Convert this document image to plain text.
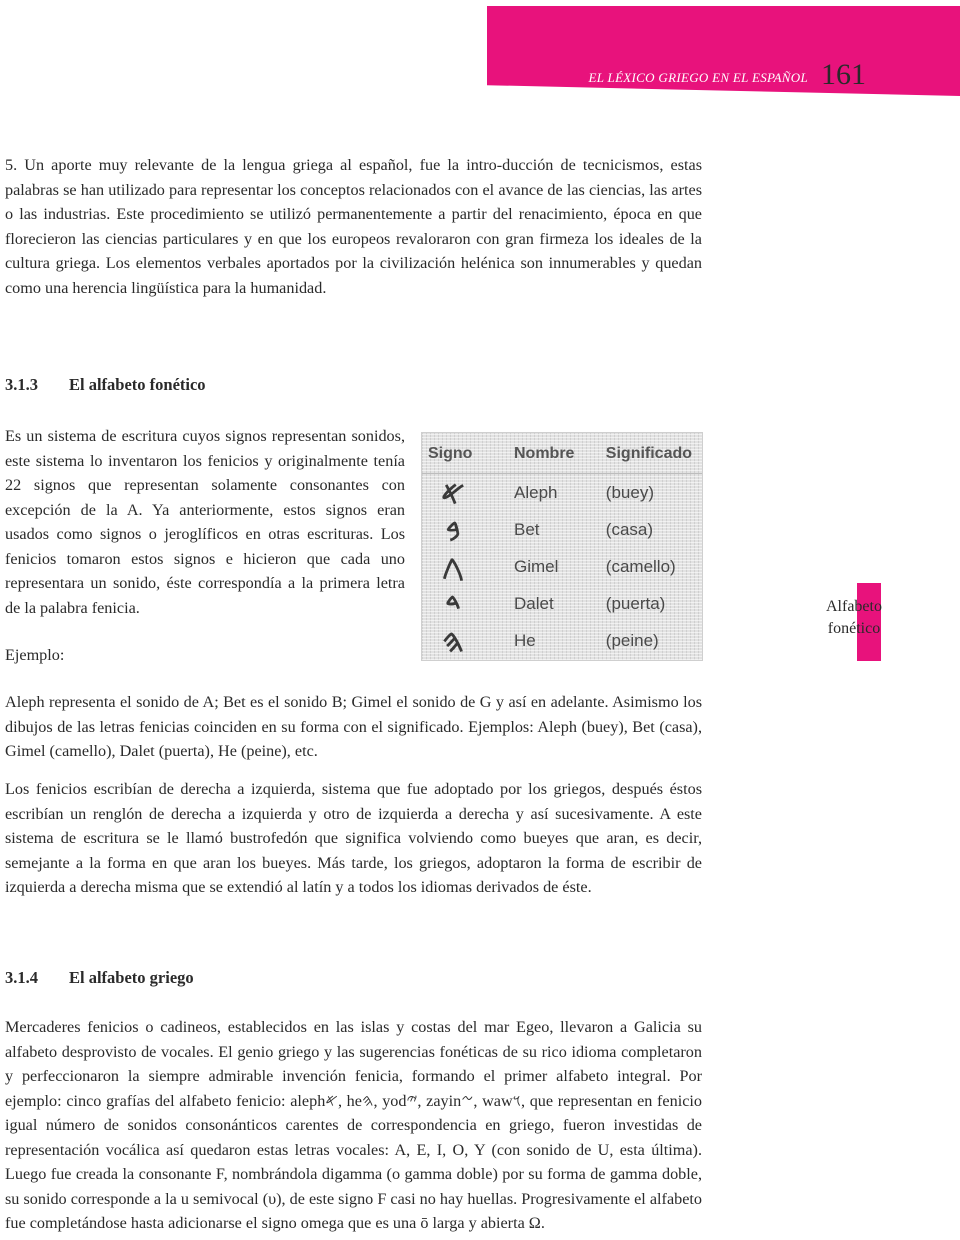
EL LÉXICO GRIEGO EN EL ESPAÑOL 161

5. Un aporte muy relevante de la lengua griega al español, fue la intro-ducción de tecnicismos, estas palabras se han utilizado para representar los conceptos relacionados con el avance de las ciencias, las artes o las industrias. Este procedimiento se utilizó permanentemente a partir del renacimiento, época en que florecieron las ciencias particulares y en que los europeos revaloraron con gran firmeza los ideales de la cultura griega. Los elementos verbales aportados por la civilización helénica son innumerables y quedan como una herencia lingüística para la humanidad.

3.1.3 El alfabeto fonético

Es un sistema de escritura cuyos signos representan sonidos, este sistema lo inventaron los fenicios y originalmente tenía 22 signos que representan solamente consonantes con excepción de la A. Ya anteriormente, estos signos eran usados como signos o jeroglíficos en otras escrituras. Los fenicios tomaron estos signos e hicieron que cada uno representara un sonido, éste correspondía a la primera letra de la palabra fenicia.

Ejemplo:

Signo	Nombre	Significado
𐤀	Aleph	(buey)
𐤁	Bet	(casa)
𐤂	Gimel	(camello)
𐤃	Dalet	(puerta)
𐤄	He	(peine)
Alfabeto
fonético

Aleph representa el sonido de A; Bet es el sonido B; Gimel el sonido de G y así en adelante. Asimismo los dibujos de las letras fenicias coinciden en su forma con el significado. Ejemplos: Aleph (buey), Bet (casa), Gimel (camello), Dalet (puerta), He (peine), etc.

Los fenicios escribían de derecha a izquierda, sistema que fue adoptado por los griegos, después éstos escribían un renglón de derecha a izquierda y otro de izquierda a derecha y así sucesivamente. A este sistema de escritura se le llamó bustrofedón que significa volviendo como bueyes que aran, es decir, semejante a la forma en que aran los bueyes. Más tarde, los griegos, adoptaron la forma de escribir de izquierda a derecha misma que se extendió al latín y a todos los idiomas derivados de éste.

3.1.4 El alfabeto griego

Mercaderes fenicios o cadineos, establecidos en las islas y costas del mar Egeo, llevaron a Galicia su alfabeto desprovisto de vocales. El genio griego y las sugerencias fonéticas de su rico idioma completaron y perfeccionaron la siempre admirable invención fenicia, formando el primer alfabeto integral. Por ejemplo: cinco grafías del alfabeto fenicio: aleph𐤀, he𐤄, yod𐤉, zayin𐤆, waw𐤅, que representan en fenicio igual número de sonidos consonánticos carentes de correspondencia en griego, fueron investidas de representación vocálica así quedaron estas letras vocales: A, E, I, O, Y (con sonido de U, esta última). Luego fue creada la consonante F, nombrándola digamma (o gamma doble) por su forma de gamma doble, su sonido corresponde a la u semivocal (υ), de este signo F casi no hay huellas. Progresivamente el alfabeto fue completándose hasta adicionarse el signo omega que es una ō larga y abierta Ω.
